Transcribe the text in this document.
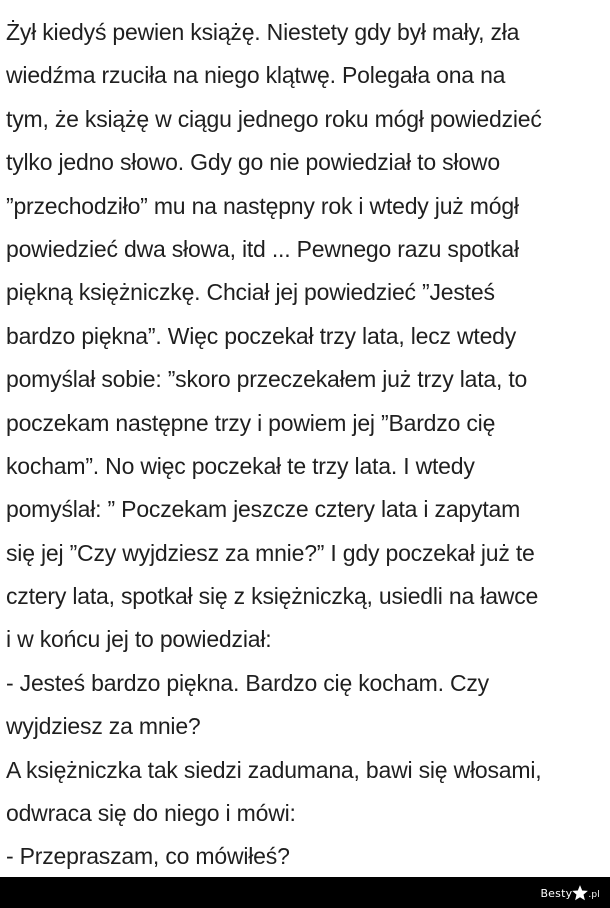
Żył kiedyś pewien książę. Niestety gdy był mały, zła
wiedźma rzuciła na niego klątwę. Polegała ona na
tym, że książę w ciągu jednego roku mógł powiedzieć
tylko jedno słowo. Gdy go nie powiedział to słowo
”przechodziło” mu na następny rok i wtedy już mógł
powiedzieć dwa słowa, itd ... Pewnego razu spotkał
piękną księżniczkę. Chciał jej powiedzieć ”Jesteś
bardzo piękna”. Więc poczekał trzy lata, lecz wtedy
pomyślał sobie: ”skoro przeczekałem już trzy lata, to
poczekam następne trzy i powiem jej ”Bardzo cię
kocham”. No więc poczekał te trzy lata. I wtedy
pomyślał: ” Poczekam jeszcze cztery lata i zapytam
się jej ”Czy wyjdziesz za mnie?” I gdy poczekał już te
cztery lata, spotkał się z księżniczką, usiedli na ławce
i w końcu jej to powiedział:
- Jesteś bardzo piękna. Bardzo cię kocham. Czy
wyjdziesz za mnie?
A księżniczka tak siedzi zadumana, bawi się włosami,
odwraca się do niego i mówi:
- Przepraszam, co mówiłeś?
Besty .pl
